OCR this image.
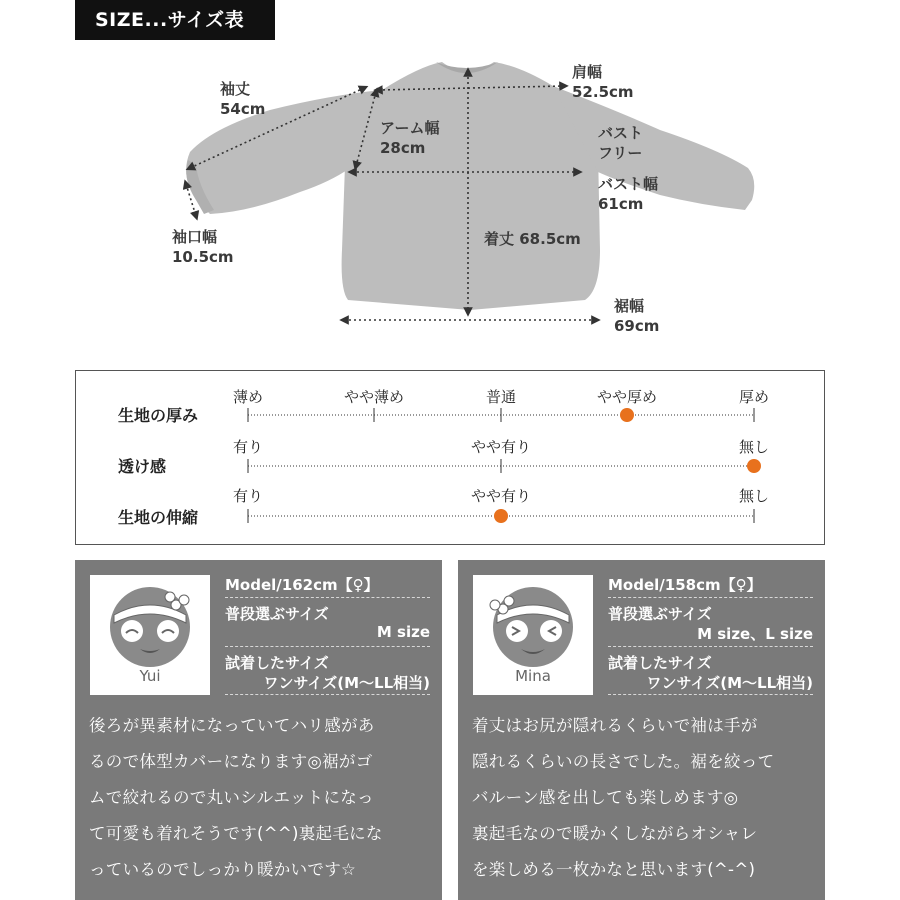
SIZE...サイズ表
袖丈
54cm
袖口幅
10.5cm
アーム幅
28cm
肩幅
52.5cm
バスト
フリー
バスト幅
61cm
着丈 68.5cm
裾幅
69cm
生地の厚み
透け感
生地の伸縮
薄め	やや薄め	普通	やや厚め	厚め
有り	やや有り	無し
有り	やや有り	無し
Yui
Model/162cm【♀】
普段選ぶサイズ
M size
試着したサイズ
ワンサイズ(M〜LL相当)
後ろが異素材になっていてハリ感があ
るので体型カバーになります◎裾がゴ
ムで絞れるので丸いシルエットになっ
て可愛も着れそうです(^^)裏起毛にな
っているのでしっかり暖かいです☆
Mina
Model/158cm【♀】
普段選ぶサイズ
M size、L size
試着したサイズ
ワンサイズ(M〜LL相当)
着丈はお尻が隠れるくらいで袖は手が
隠れるくらいの長さでした。裾を絞って
バルーン感を出しても楽しめます◎
裏起毛なので暖かくしながらオシャレ
を楽しめる一枚かなと思います(^-^)
